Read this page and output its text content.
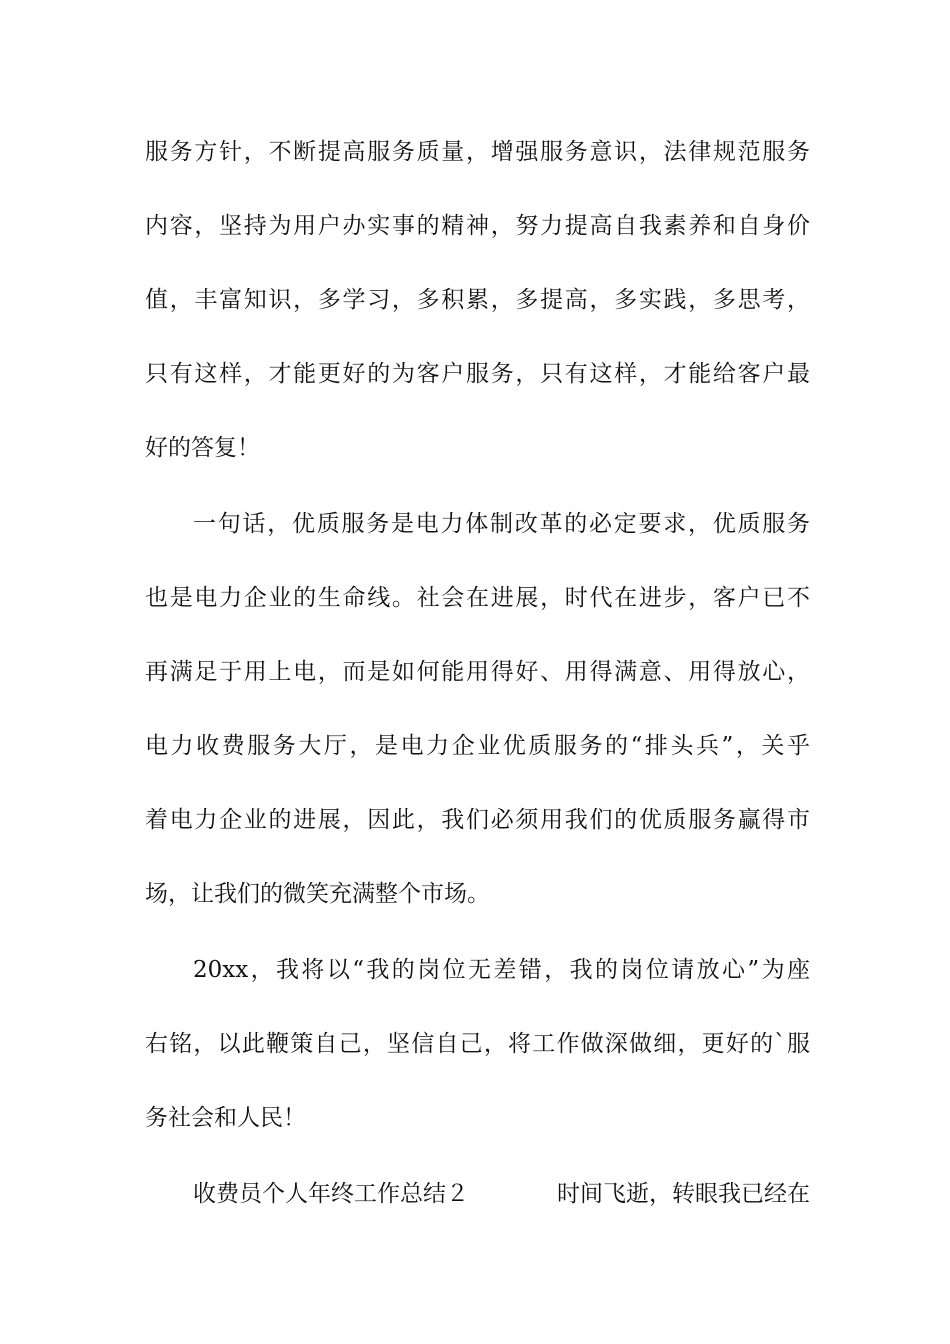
服务方针，不断提高服务质量，增强服务意识，法律规范服务
内容，坚持为用户办实事的精神，努力提高自我素养和自身价
值，丰富知识，多学习，多积累，多提高，多实践，多思考，
只有这样，才能更好的为客户服务，只有这样，才能给客户最
好的答复！
一句话，优质服务是电力体制改革的必定要求，优质服务
也是电力企业的生命线。社会在进展，时代在进步，客户已不
再满足于用上电，而是如何能用得好、用得满意、用得放心，
电力收费服务大厅，是电力企业优质服务的“排头兵”，关乎
着电力企业的进展，因此，我们必须用我们的优质服务赢得市
场，让我们的微笑充满整个市场。
20xx，我将以“我的岗位无差错，我的岗位请放心”为座
右铭，以此鞭策自己，坚信自己，将工作做深做细，更好的`服
务社会和人民！
收费员个人年终工作总结２	时间飞逝，转眼我已经在
